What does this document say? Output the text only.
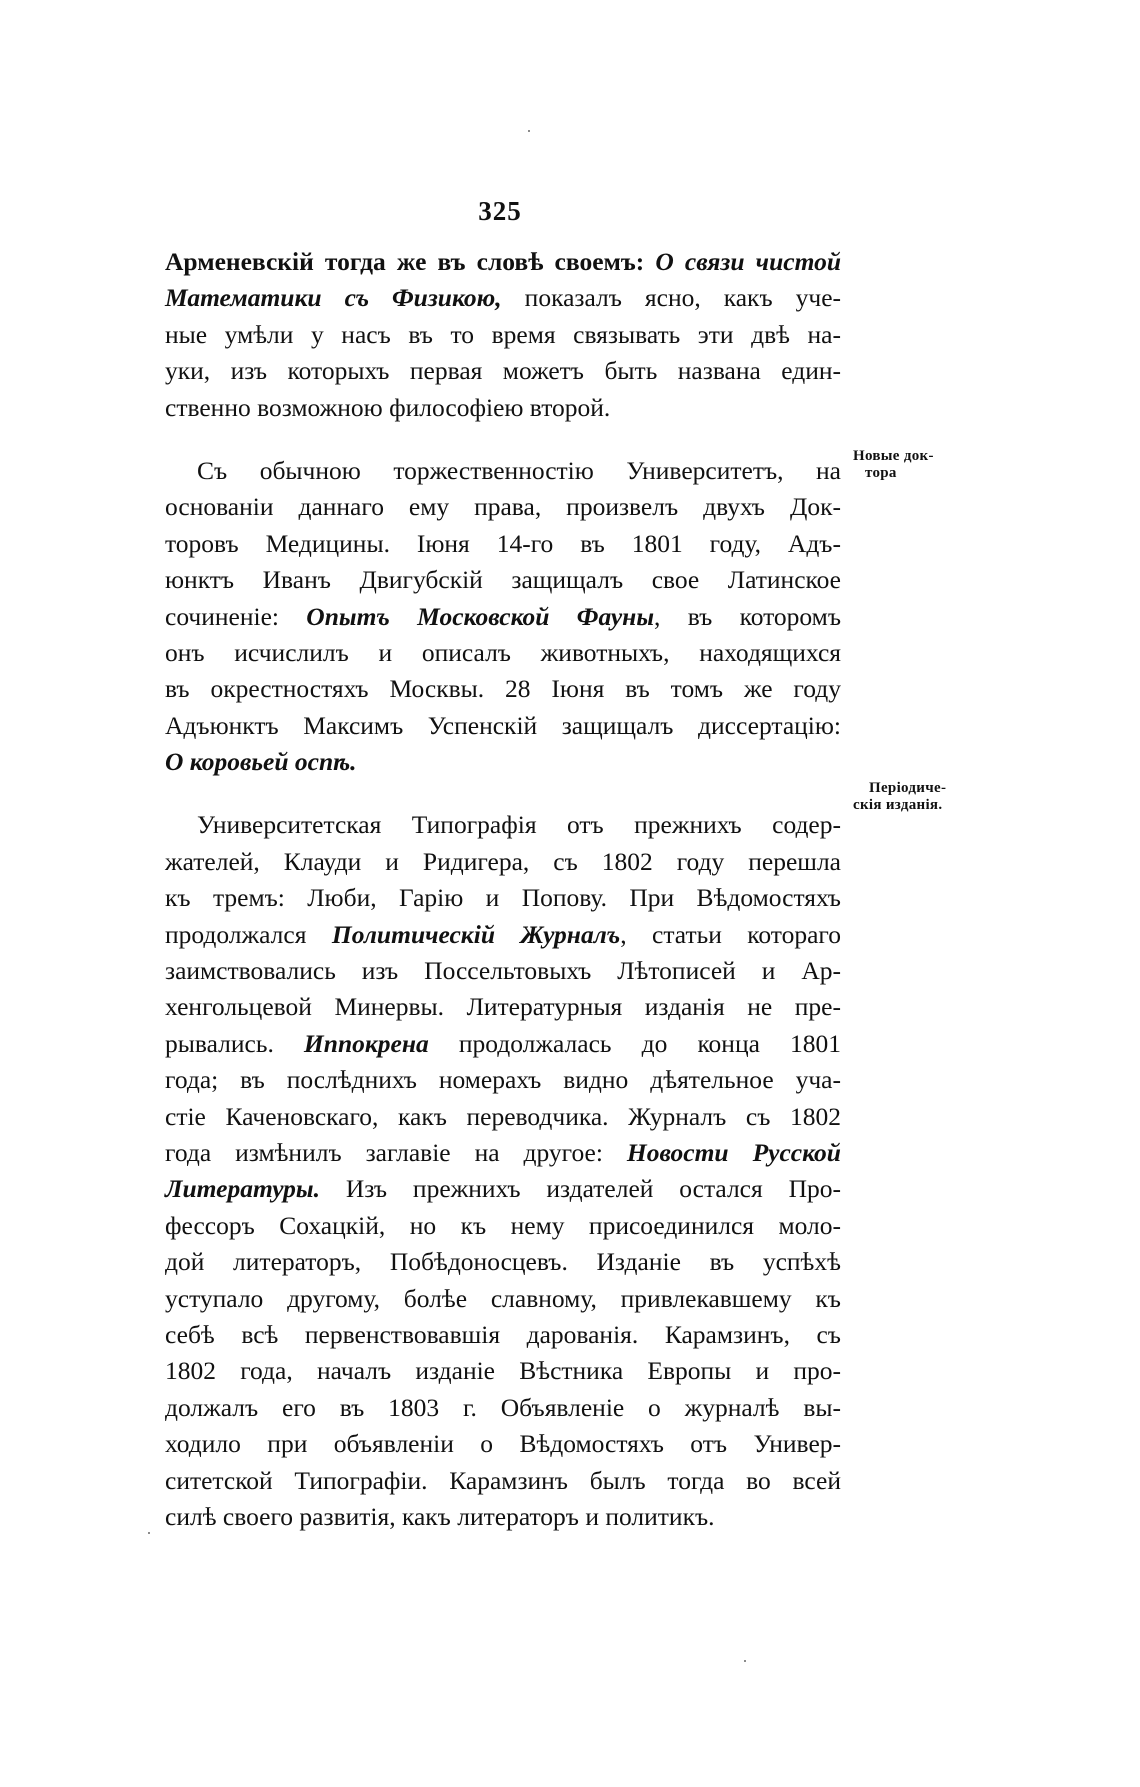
325
Арменевскій тогда же въ словѣ своемъ: О связи чистой
Математики съ Физикою, показалъ ясно, какъ уче-
ные умѣли у насъ въ то время связывать эти двѣ на-
уки, изъ которыхъ первая можетъ быть названа един-
ственно возможною философіею второй.
Съ обычною торжественностію Университетъ, на
основаніи даннаго ему права, произвелъ двухъ Док-
торовъ Медицины. Іюня 14-го въ 1801 году, Адъ-
юнктъ Иванъ Двигубскій защищалъ свое Латинское
сочиненіе: Опытъ Московской Фауны, въ которомъ
онъ исчислилъ и описалъ животныхъ, находящихся
въ окрестностяхъ Москвы. 28 Іюня въ томъ же году
Адъюнктъ Максимъ Успенскій защищалъ диссертацію:
О коровьей оспѣ.
Университетская Типографія отъ прежнихъ содер-
жателей, Клауди и Ридигера, съ 1802 году перешла
къ тремъ: Люби, Гарію и Попову. При Вѣдомостяхъ
продолжался Политическій Журналъ, статьи котораго
заимствовались изъ Поссельтовыхъ Лѣтописей и Ар-
хенгольцевой Минервы. Литературныя изданія не пре-
рывались. Иппокрена продолжалась до конца 1801
года; въ послѣднихъ номерахъ видно дѣятельное уча-
стіе Каченовскаго, какъ переводчика. Журналъ съ 1802
года измѣнилъ заглавіе на другое: Новости Русской
Литературы. Изъ прежнихъ издателей остался Про-
фессоръ Сохацкій, но къ нему присоединился моло-
дой литераторъ, Побѣдоносцевъ. Изданіе въ успѣхѣ
уступало другому, болѣе славному, привлекавшему къ
себѣ всѣ первенствовавшія дарованія. Карамзинъ, съ
1802 года, началъ изданіе Вѣстника Европы и про-
должалъ его въ 1803 г. Объявленіе о журналѣ вы-
ходило при объявленіи о Вѣдомостяхъ отъ Универ-
ситетской Типографіи. Карамзинъ былъ тогда во всей
силѣ своего развитія, какъ литераторъ и политикъ.
Новые док-
тора
Періодиче-
скія изданія.
